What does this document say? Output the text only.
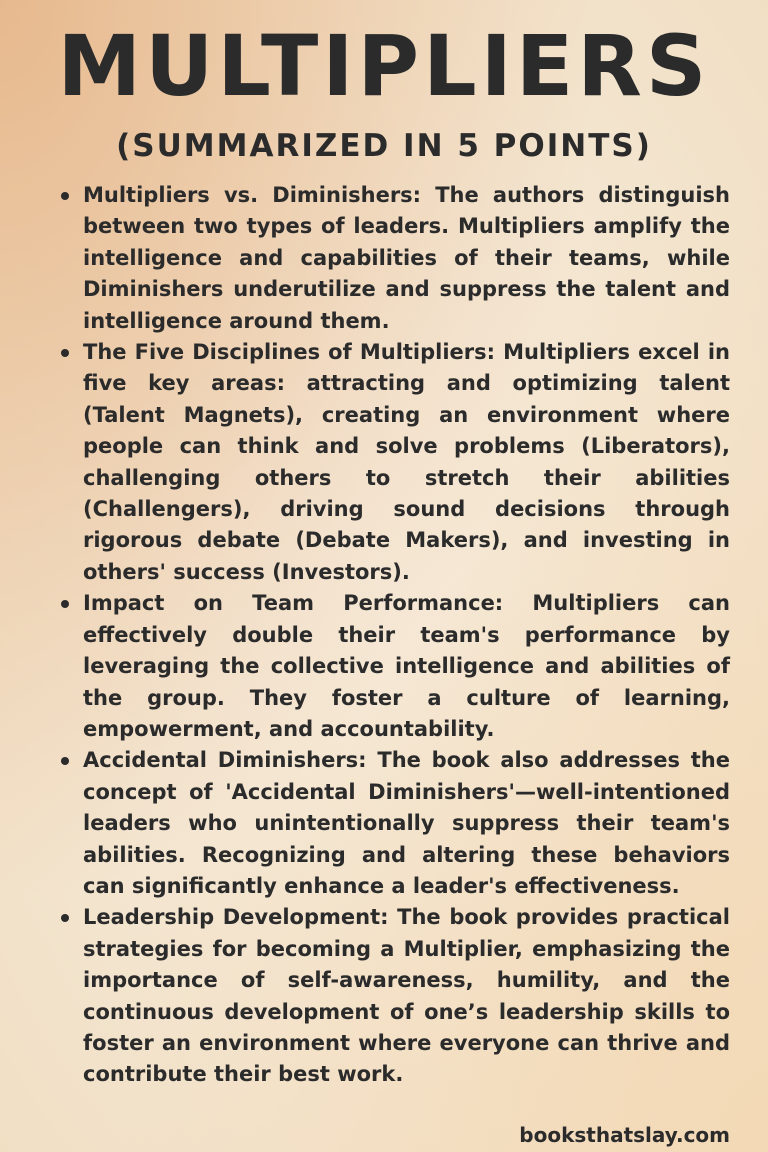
MULTIPLIERS
(SUMMARIZED IN 5 POINTS)
Multipliers vs. Diminishers: The authors distinguish between two types of leaders. Multipliers amplify the intelligence and capabilities of their teams, while Diminishers underutilize and suppress the talent and intelligence around them.
The Five Disciplines of Multipliers: Multipliers excel in five key areas: attracting and optimizing talent (Talent Magnets), creating an environment where people can think and solve problems (Liberators), challenging others to stretch their abilities (Challengers), driving sound decisions through rigorous debate (Debate Makers), and investing in others' success (Investors).
Impact on Team Performance: Multipliers can effectively double their team's performance by leveraging the collective intelligence and abilities of the group. They foster a culture of learning, empowerment, and accountability.
Accidental Diminishers: The book also addresses the concept of 'Accidental Diminishers'—well-intentioned leaders who unintentionally suppress their team's abilities. Recognizing and altering these behaviors can significantly enhance a leader's effectiveness.
Leadership Development: The book provides practical strategies for becoming a Multiplier, emphasizing the importance of self-awareness, humility, and the continuous development of one’s leadership skills to foster an environment where everyone can thrive and contribute their best work.
booksthatslay.com
